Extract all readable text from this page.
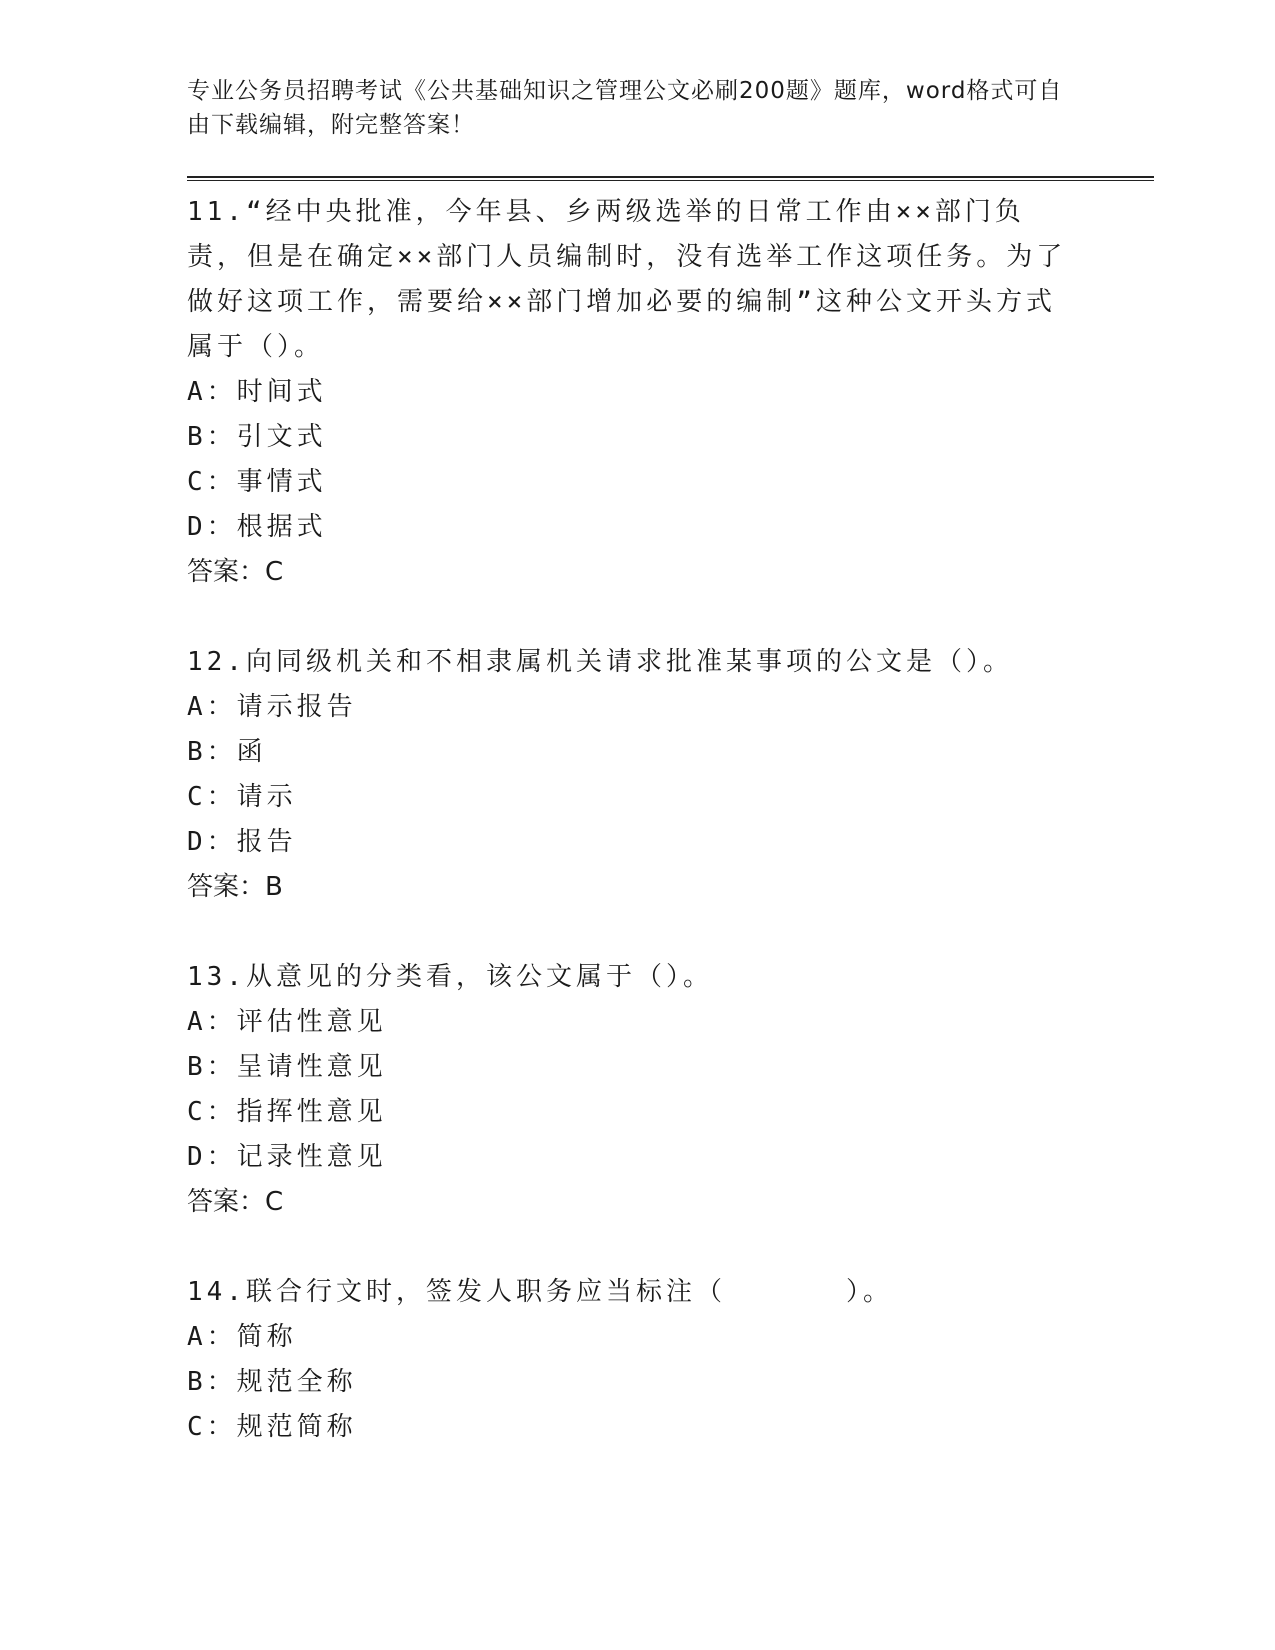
专业公务员招聘考试《公共基础知识之管理公文必刷200题》题库，word格式可自由下载编辑，附完整答案！

11.“经中央批准，今年县、乡两级选举的日常工作由××部门负责，但是在确定××部门人员编制时，没有选举工作这项任务。为了做好这项工作，需要给××部门增加必要的编制”这种公文开头方式属于（）。

A：时间式

B：引文式

C：事情式

D：根据式

答案：C

12.向同级机关和不相隶属机关请求批准某事项的公文是（）。

A：请示报告

B：函

C：请示

D：报告

答案：B

13.从意见的分类看，该公文属于（）。

A：评估性意见

B：呈请性意见

C：指挥性意见

D：记录性意见

答案：C

14.联合行文时，签发人职务应当标注（　　　　）。

A：简称

B：规范全称

C：规范简称
